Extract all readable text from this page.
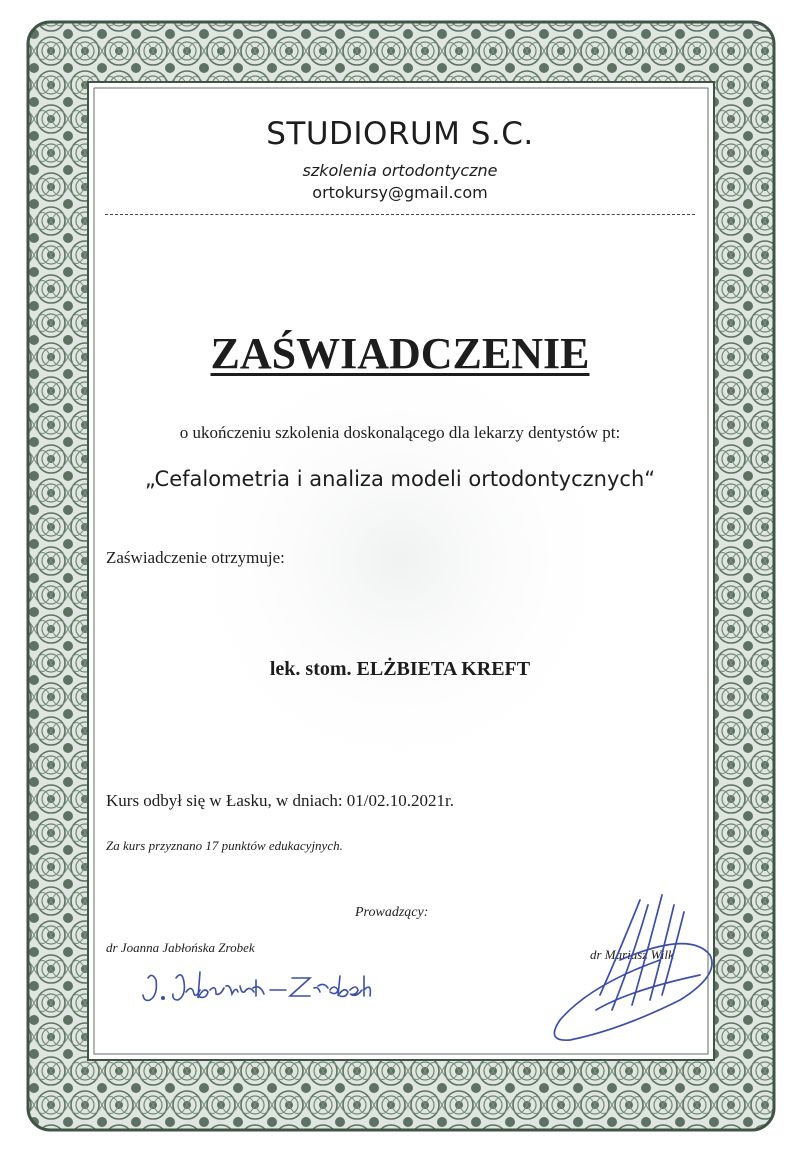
STUDIORUM S.C.
szkolenia ortodontyczne
ortokursy@gmail.com
ZAŚWIADCZENIE
o ukończeniu szkolenia doskonalącego dla lekarzy dentystów pt:
„Cefalometria i analiza modeli ortodontycznych“
Zaświadczenie otrzymuje:
lek. stom. ELŻBIETA KREFT
Kurs odbył się w Łasku, w dniach: 01/02.10.2021r.
Za kurs przyznano 17 punktów edukacyjnych.
Prowadzący:
dr Joanna Jabłońska Zrobek	dr Mariusz Wilk
